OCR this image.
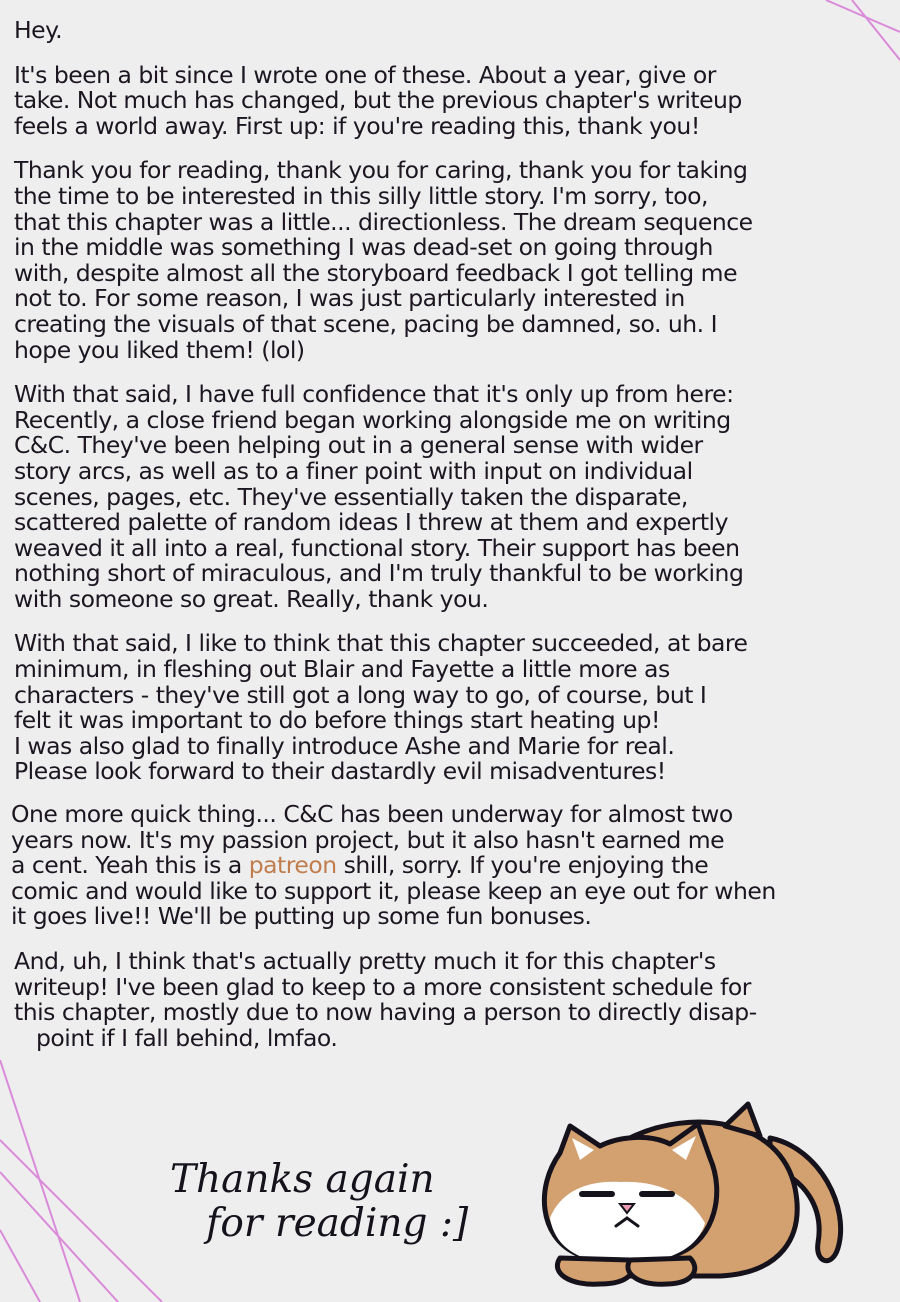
Hey.

It's been a bit since I wrote one of these. About a year, give or
take. Not much has changed, but the previous chapter's writeup
feels a world away. First up: if you're reading this, thank you!

Thank you for reading, thank you for caring, thank you for taking
the time to be interested in this silly little story. I'm sorry, too,
that this chapter was a little... directionless. The dream sequence
in the middle was something I was dead-set on going through
with, despite almost all the storyboard feedback I got telling me
not to. For some reason, I was just particularly interested in
creating the visuals of that scene, pacing be damned, so. uh. I
hope you liked them! (lol)

With that said, I have full confidence that it's only up from here:
Recently, a close friend began working alongside me on writing
C&C. They've been helping out in a general sense with wider
story arcs, as well as to a finer point with input on individual
scenes, pages, etc. They've essentially taken the disparate,
scattered palette of random ideas I threw at them and expertly
weaved it all into a real, functional story. Their support has been
nothing short of miraculous, and I'm truly thankful to be working
with someone so great. Really, thank you.

With that said, I like to think that this chapter succeeded, at bare
minimum, in fleshing out Blair and Fayette a little more as
characters - they've still got a long way to go, of course, but I
felt it was important to do before things start heating up!
I was also glad to finally introduce Ashe and Marie for real.
Please look forward to their dastardly evil misadventures!

One more quick thing... C&C has been underway for almost two
years now. It's my passion project, but it also hasn't earned me
a cent. Yeah this is a patreon shill, sorry. If you're enjoying the
comic and would like to support it, please keep an eye out for when
it goes live!! We'll be putting up some fun bonuses.

And, uh, I think that's actually pretty much it for this chapter's
writeup! I've been glad to keep to a more consistent schedule for
this chapter, mostly due to now having a person to directly disap-
point if I fall behind, lmfao.

Thanks again
for reading :]
